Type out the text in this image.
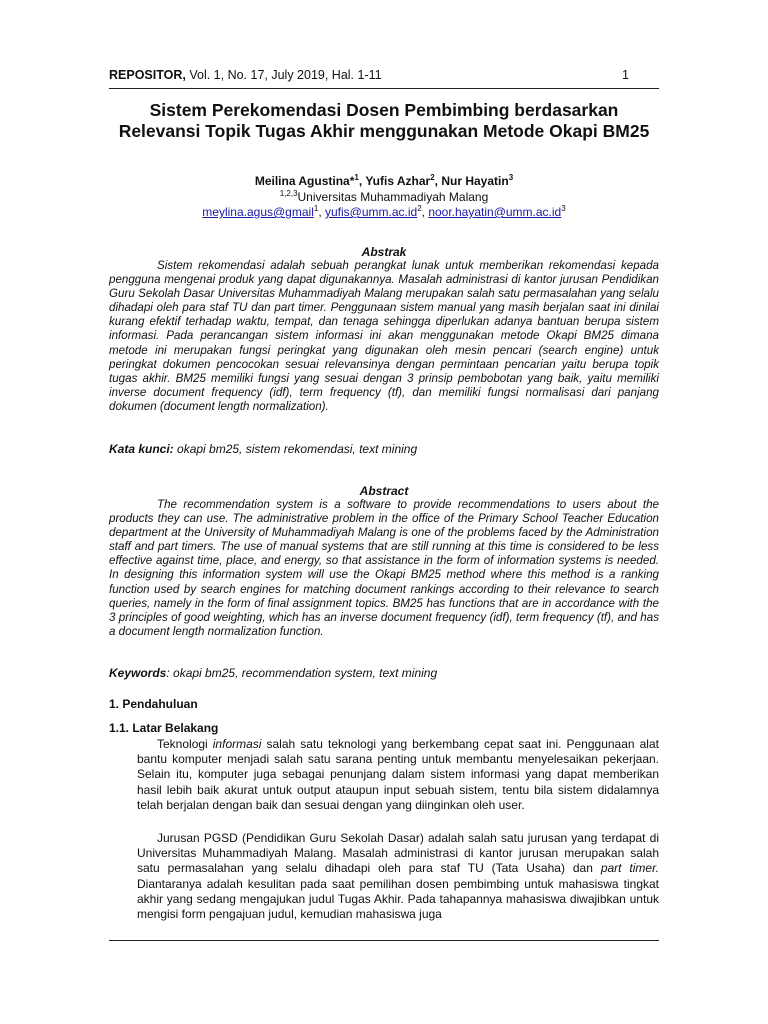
REPOSITOR, Vol. 1, No. 17, July 2019, Hal. 1-11	1
Sistem Perekomendasi Dosen Pembimbing berdasarkan Relevansi Topik Tugas Akhir menggunakan Metode Okapi BM25
Meilina Agustina*$^1$, Yufis Azhar$^2$, Nur Hayatin$^3$
$^{1,2,3}$Universitas Muhammadiyah Malang
meylina.agus@gmail$^1$, $yufis@umm.ac.id^2$, $noor.hayatin@umm.ac.id^3$
Abstrak
Sistem rekomendasi adalah sebuah perangkat lunak untuk memberikan rekomendasi kepada pengguna mengenai produk yang dapat digunakannya. Masalah administrasi di kantor jurusan Pendidikan Guru Sekolah Dasar Universitas Muhammadiyah Malang merupakan salah satu permasalahan yang selalu dihadapi oleh para staf TU dan part timer. Penggunaan sistem manual yang masih berjalan saat ini dinilai kurang efektif terhadap waktu, tempat, dan tenaga sehingga diperlukan adanya bantuan berupa sistem informasi. Pada perancangan sistem informasi ini akan menggunakan metode Okapi BM25 dimana metode ini merupakan fungsi peringkat yang digunakan oleh mesin pencari (search engine) untuk peringkat dokumen pencocokan sesuai relevansinya dengan permintaan pencarian yaitu berupa topik tugas akhir. BM25 memiliki fungsi yang sesuai dengan 3 prinsip pembobotan yang baik, yaitu memiliki inverse document frequency (idf), term frequency (tf), dan memiliki fungsi normalisasi dari panjang dokumen (document length normalization).
Kata kunci: okapi bm25, sistem rekomendasi, text mining
Abstract
The recommendation system is a software to provide recommendations to users about the products they can use. The administrative problem in the office of the Primary School Teacher Education department at the University of Muhammadiyah Malang is one of the problems faced by the Administration staff and part timers. The use of manual systems that are still running at this time is considered to be less effective against time, place, and energy, so that assistance in the form of information systems is needed. In designing this information system will use the Okapi BM25 method where this method is a ranking function used by search engines for matching document rankings according to their relevance to search queries, namely in the form of final assignment topics. BM25 has functions that are in accordance with the 3 principles of good weighting, which has an inverse document frequency (idf), term frequency (tf), and has a document length normalization function.
Keywords: okapi bm25, recommendation system, text mining
1. Pendahuluan
1.1. Latar Belakang
Teknologi informasi salah satu teknologi yang berkembang cepat saat ini. Penggunaan alat bantu komputer menjadi salah satu sarana penting untuk membantu menyelesaikan pekerjaan. Selain itu, komputer juga sebagai penunjang dalam sistem informasi yang dapat memberikan hasil lebih baik akurat untuk output ataupun input sebuah sistem, tentu bila sistem didalamnya telah berjalan dengan baik dan sesuai dengan yang diinginkan oleh user.
Jurusan PGSD (Pendidikan Guru Sekolah Dasar) adalah salah satu jurusan yang terdapat di Universitas Muhammadiyah Malang. Masalah administrasi di kantor jurusan merupakan salah satu permasalahan yang selalu dihadapi oleh para staf TU (Tata Usaha) dan part timer. Diantaranya adalah kesulitan pada saat pemilihan dosen pembimbing untuk mahasiswa tingkat akhir yang sedang mengajukan judul Tugas Akhir. Pada tahapannya mahasiswa diwajibkan untuk mengisi form pengajuan judul, kemudian mahasiswa juga
